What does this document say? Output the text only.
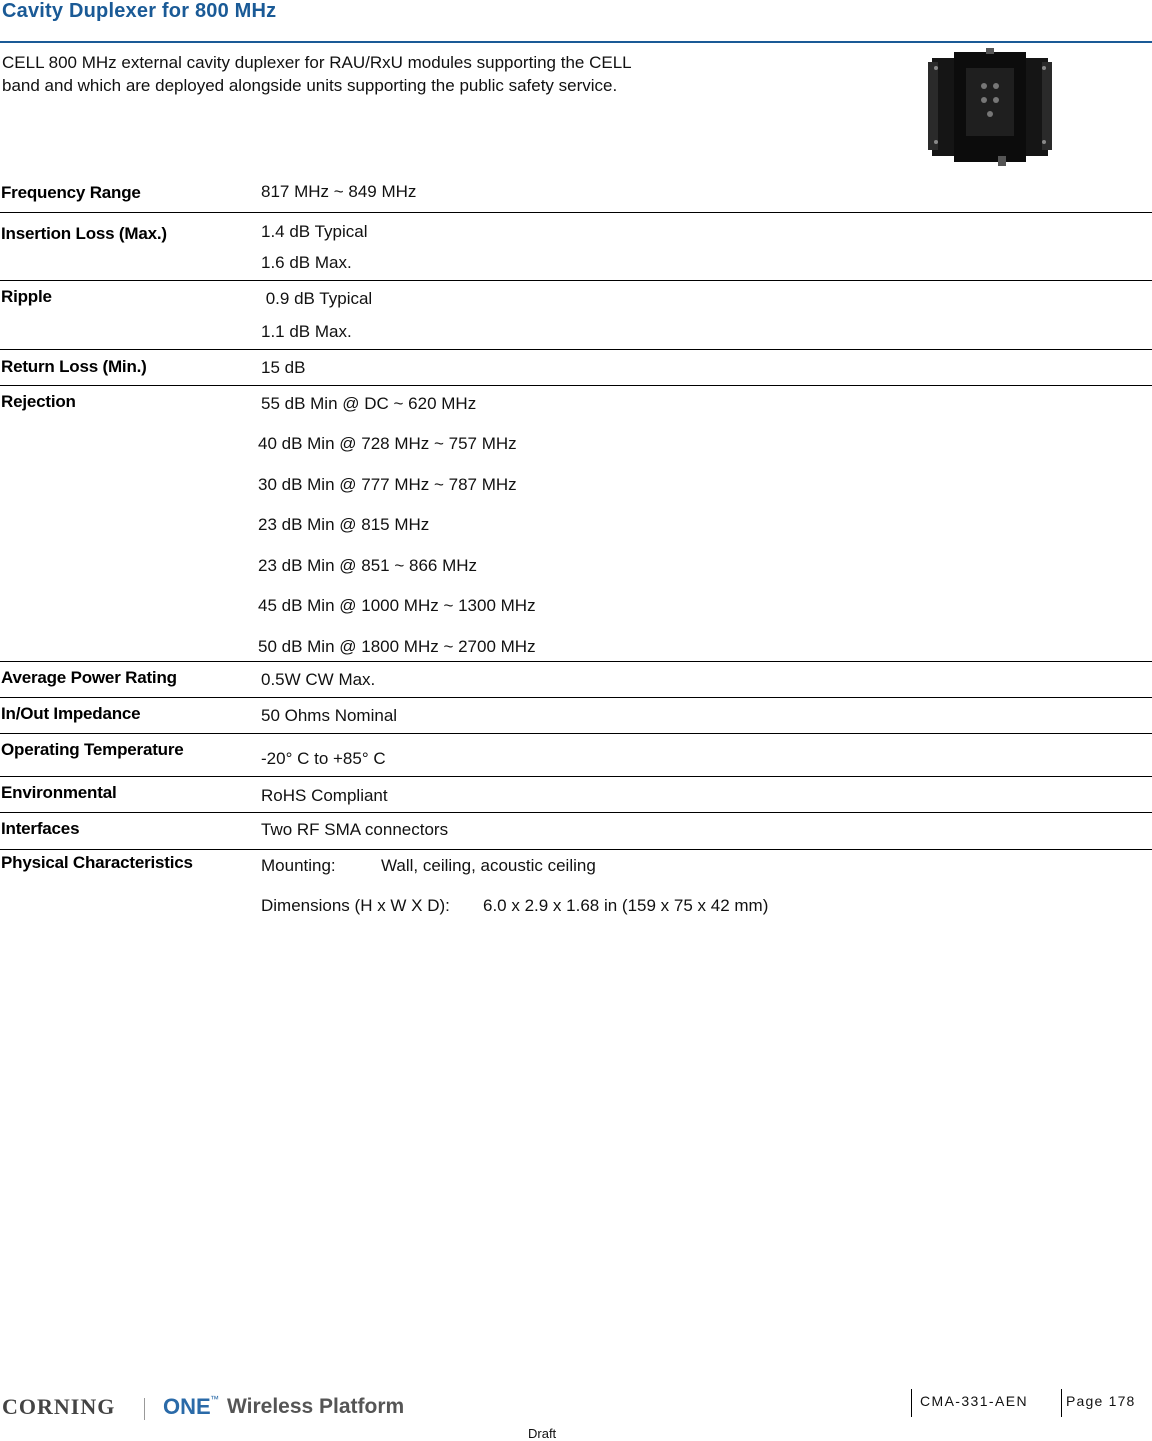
Cavity Duplexer for 800 MHz
CELL 800 MHz external cavity duplexer for RAU/RxU modules supporting the CELL
band and which are deployed alongside units supporting the public safety service.
Frequency Range	817 MHz ~ 849 MHz
Insertion Loss (Max.)	1.4 dB Typical
1.6 dB Max.
Ripple	0.9 dB Typical
1.1 dB Max.
Return Loss (Min.)	15 dB
Rejection	55 dB Min @ DC ~ 620 MHz
40 dB Min @ 728 MHz ~ 757 MHz
30 dB Min @ 777 MHz ~ 787 MHz
23 dB Min @ 815 MHz
23 dB Min @ 851 ~ 866 MHz
45 dB Min @ 1000 MHz ~ 1300 MHz
50 dB Min @ 1800 MHz ~ 2700 MHz
Average Power Rating	0.5W CW Max.
In/Out Impedance	50 Ohms Nominal
Operating Temperature	-20° C to +85° C
Environmental	RoHS Compliant
Interfaces	Two RF SMA connectors
Physical Characteristics	Mounting:	Wall, ceiling, acoustic ceiling
Dimensions (H x W X D): 6.0 x 2.9 x 1.68 in (159 x 75 x 42 mm)
CORNING ONE ™ Wireless Platform	CMA-331-AEN	Page 178
Draft
